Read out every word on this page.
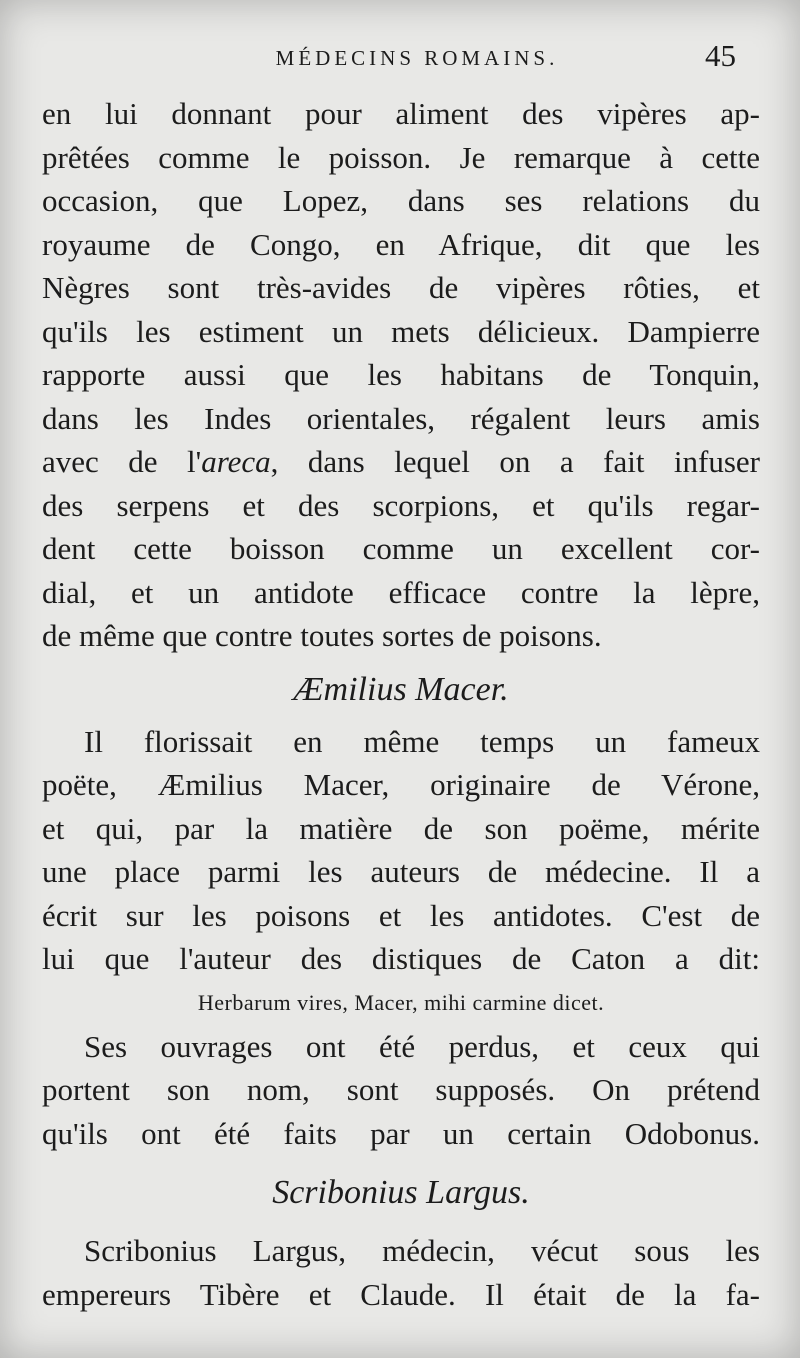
MÉDECINS ROMAINS.	45
en lui donnant pour aliment des vipères ap-
prêtées comme le poisson. Je remarque à cette
occasion, que Lopez, dans ses relations du
royaume de Congo, en Afrique, dit que les
Nègres sont très-avides de vipères rôties, et
qu'ils les estiment un mets délicieux. Dampierre
rapporte aussi que les habitans de Tonquin,
dans les Indes orientales, régalent leurs amis
avec de l'areca, dans lequel on a fait infuser
des serpens et des scorpions, et qu'ils regar-
dent cette boisson comme un excellent cor-
dial, et un antidote efficace contre la lèpre,
de même que contre toutes sortes de poisons.
Æmilius Macer.
Il florissait en même temps un fameux
poëte, Æmilius Macer, originaire de Vérone,
et qui, par la matière de son poëme, mérite
une place parmi les auteurs de médecine. Il a
écrit sur les poisons et les antidotes. C'est de
lui que l'auteur des distiques de Caton a dit:
Herbarum vires, Macer, mihi carmine dicet.
Ses ouvrages ont été perdus, et ceux qui
portent son nom, sont supposés. On prétend
qu'ils ont été faits par un certain Odobonus.
Scribonius Largus.
Scribonius Largus, médecin, vécut sous les
empereurs Tibère et Claude. Il était de la fa-
